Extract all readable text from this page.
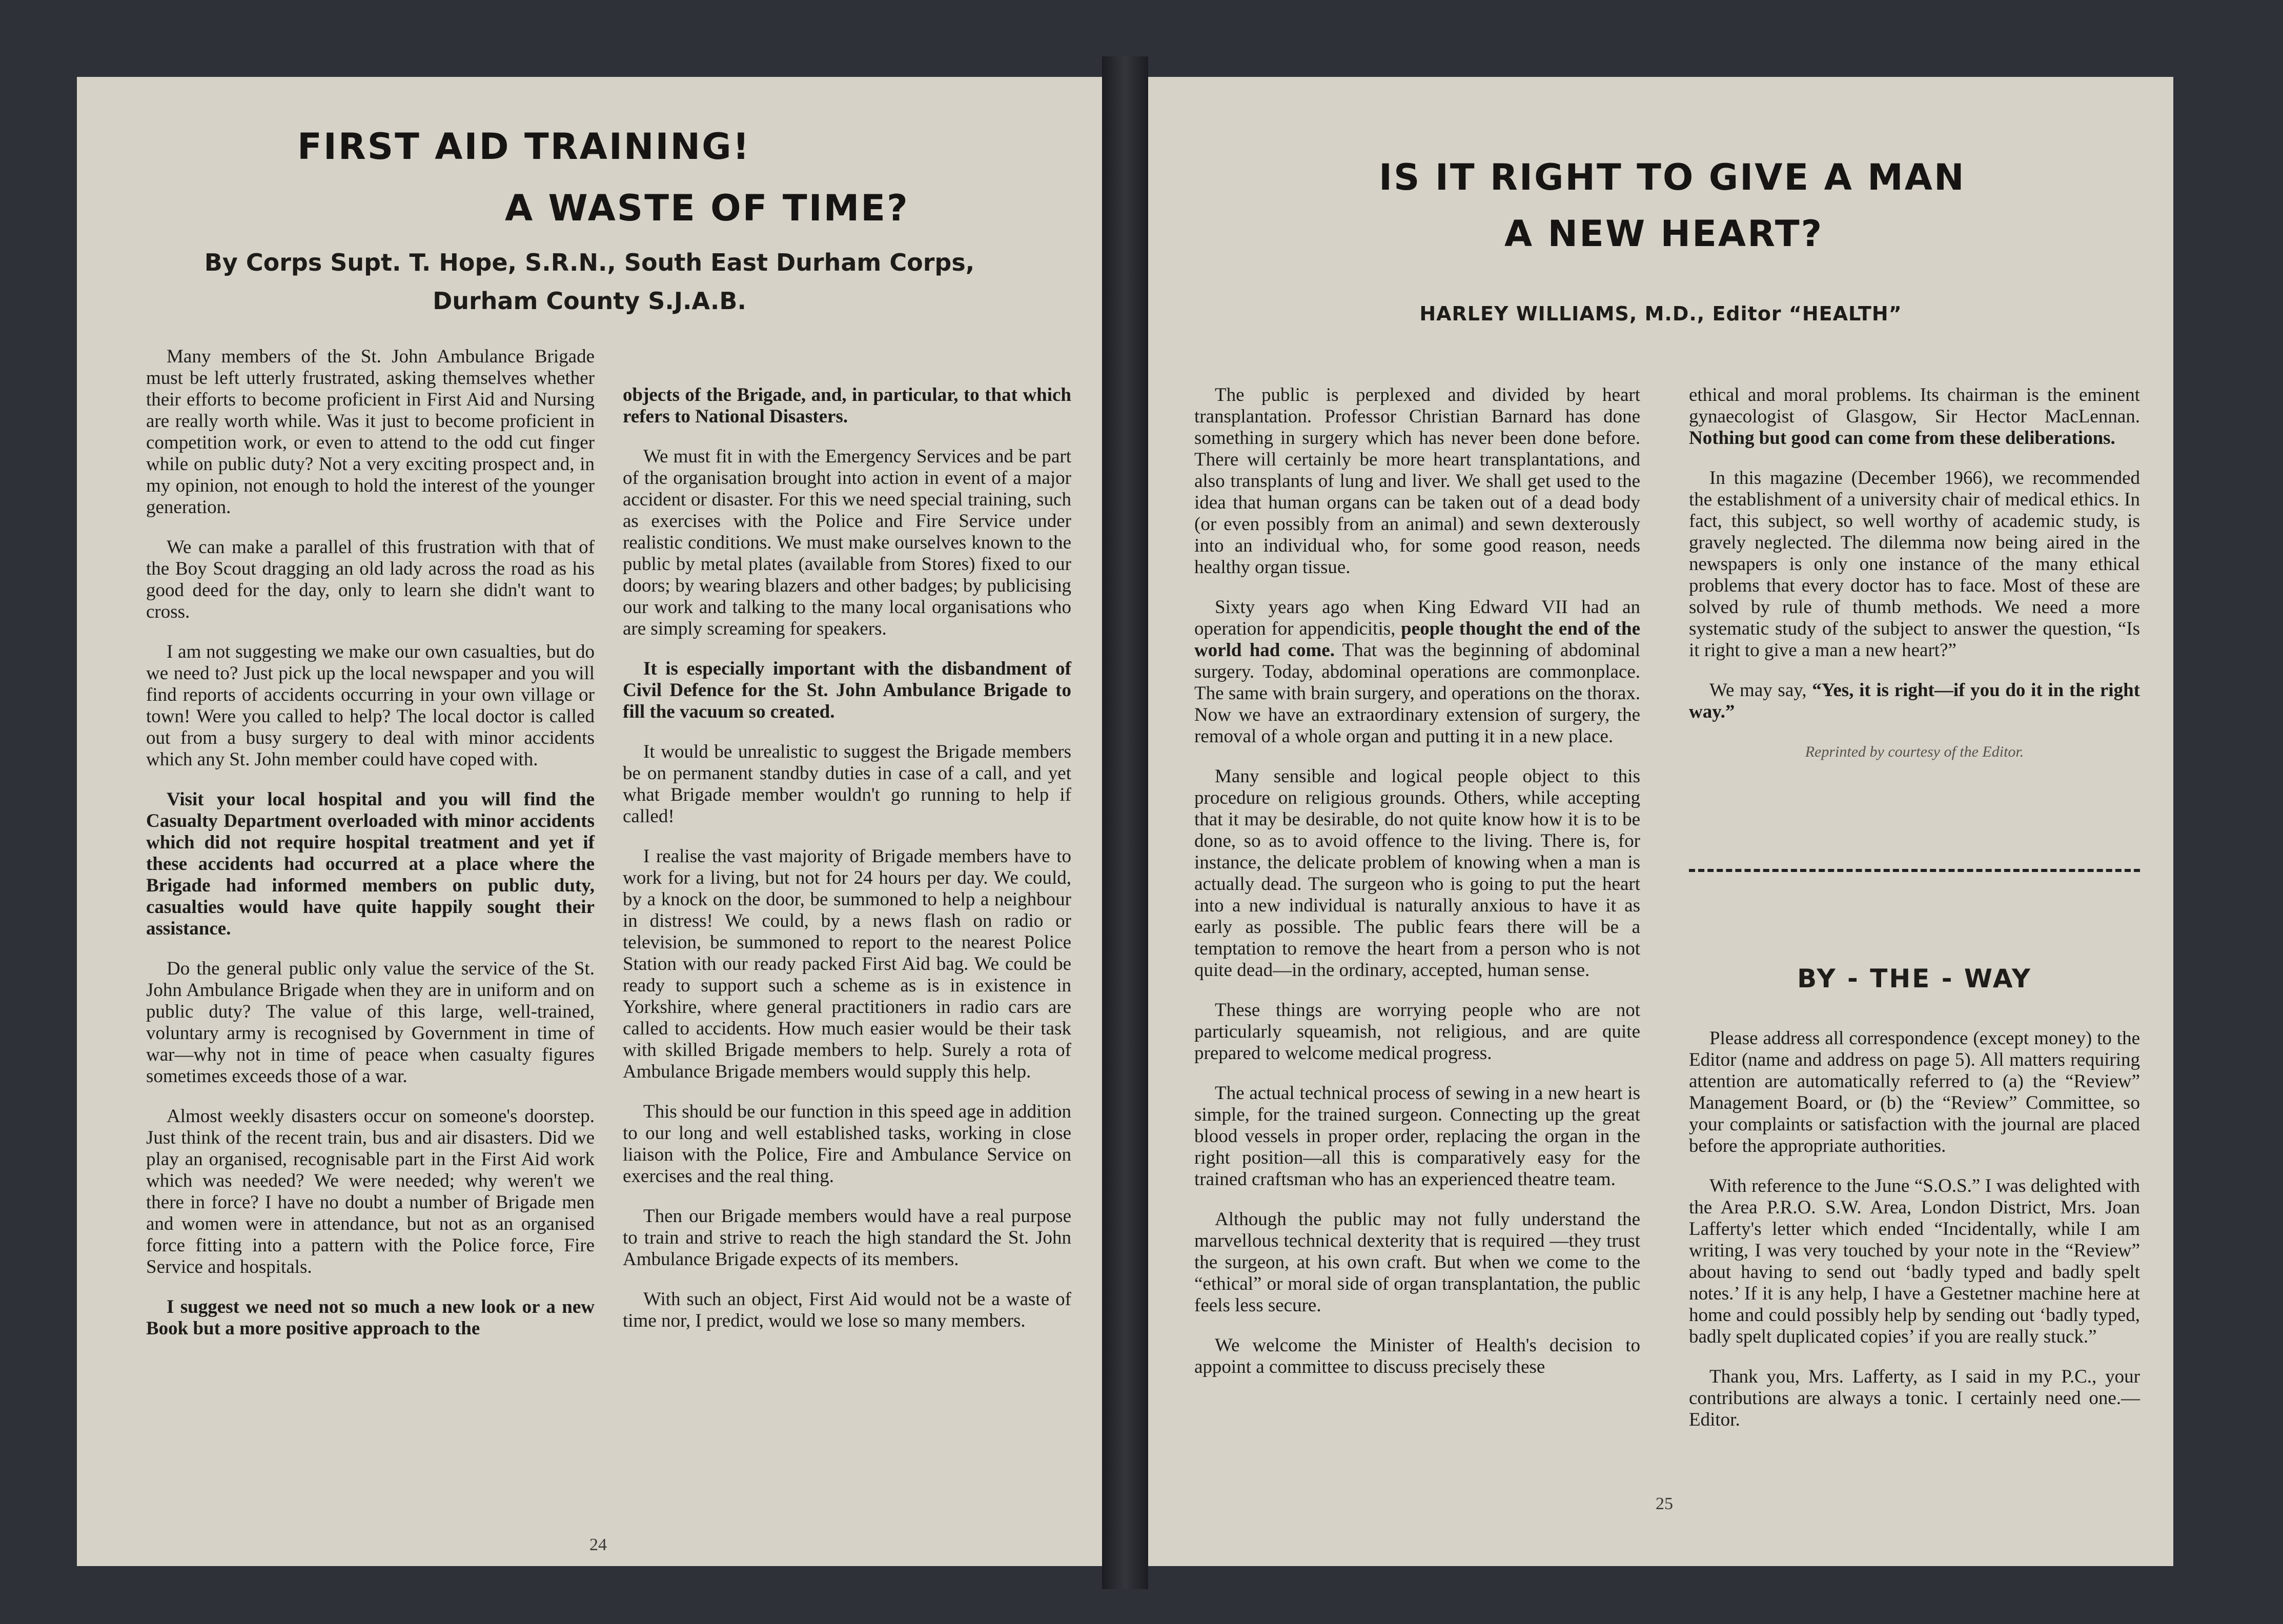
FIRST AID TRAINING!
A WASTE OF TIME?
By Corps Supt. T. Hope, S.R.N., South East Durham Corps,
Durham County S.J.A.B.

Many members of the St. John Ambulance Brigade must be left utterly frustrated, asking themselves whether their efforts to become proficient in First Aid and Nursing are really worth while. Was it just to become proficient in competition work, or even to attend to the odd cut finger while on public duty? Not a very exciting prospect and, in my opinion, not enough to hold the interest of the younger generation.

We can make a parallel of this frustration with that of the Boy Scout dragging an old lady across the road as his good deed for the day, only to learn she didn't want to cross.

I am not suggesting we make our own casualties, but do we need to? Just pick up the local newspaper and you will find reports of accidents occurring in your own village or town! Were you called to help? The local doctor is called out from a busy surgery to deal with minor accidents which any St. John member could have coped with.

Visit your local hospital and you will find the Casualty Department overloaded with minor accidents which did not require hospital treatment and yet if these accidents had occurred at a place where the Brigade had informed members on public duty, casualties would have quite happily sought their assistance.

Do the general public only value the service of the St. John Ambulance Brigade when they are in uniform and on public duty? The value of this large, well-trained, voluntary army is recognised by Government in time of war—why not in time of peace when casualty figures sometimes exceeds those of a war.

Almost weekly disasters occur on someone's doorstep. Just think of the recent train, bus and air disasters. Did we play an organised, recognisable part in the First Aid work which was needed? We were needed; why weren't we there in force? I have no doubt a number of Brigade men and women were in attendance, but not as an organised force fitting into a pattern with the Police force, Fire Service and hospitals.

I suggest we need not so much a new look or a new Book but a more positive approach to the

objects of the Brigade, and, in particular, to that which refers to National Disasters.

We must fit in with the Emergency Services and be part of the organisation brought into action in event of a major accident or disaster. For this we need special training, such as exercises with the Police and Fire Service under realistic conditions. We must make ourselves known to the public by metal plates (available from Stores) fixed to our doors; by wearing blazers and other badges; by publicising our work and talking to the many local organisations who are simply screaming for speakers.

It is especially important with the disbandment of Civil Defence for the St. John Ambulance Brigade to fill the vacuum so created.

It would be unrealistic to suggest the Brigade members be on permanent standby duties in case of a call, and yet what Brigade member wouldn't go running to help if called!

I realise the vast majority of Brigade members have to work for a living, but not for 24 hours per day. We could, by a knock on the door, be summoned to help a neighbour in distress! We could, by a news flash on radio or television, be summoned to report to the nearest Police Station with our ready packed First Aid bag. We could be ready to support such a scheme as is in existence in Yorkshire, where general practitioners in radio cars are called to accidents. How much easier would be their task with skilled Brigade members to help. Surely a rota of Ambulance Brigade members would supply this help.

This should be our function in this speed age in addition to our long and well established tasks, working in close liaison with the Police, Fire and Ambulance Service on exercises and the real thing.

Then our Brigade members would have a real purpose to train and strive to reach the high standard the St. John Ambulance Brigade expects of its members.

With such an object, First Aid would not be a waste of time nor, I predict, would we lose so many members.

24
IS IT RIGHT TO GIVE A MAN
A NEW HEART?
HARLEY WILLIAMS, M.D., Editor “HEALTH”

The public is perplexed and divided by heart transplantation. Professor Christian Barnard has done something in surgery which has never been done before. There will certainly be more heart transplantations, and also transplants of lung and liver. We shall get used to the idea that human organs can be taken out of a dead body (or even possibly from an animal) and sewn dexterously into an individual who, for some good reason, needs healthy organ tissue.

Sixty years ago when King Edward VII had an operation for appendicitis, people thought the end of the world had come. That was the beginning of abdominal surgery. Today, abdominal operations are commonplace. The same with brain surgery, and operations on the thorax. Now we have an extraordinary extension of surgery, the removal of a whole organ and putting it in a new place.

Many sensible and logical people object to this procedure on religious grounds. Others, while accepting that it may be desirable, do not quite know how it is to be done, so as to avoid offence to the living. There is, for instance, the delicate problem of knowing when a man is actually dead. The surgeon who is going to put the heart into a new individual is naturally anxious to have it as early as possible. The public fears there will be a temptation to remove the heart from a person who is not quite dead—in the ordinary, accepted, human sense.

These things are worrying people who are not particularly squeamish, not religious, and are quite prepared to welcome medical progress.

The actual technical process of sewing in a new heart is simple, for the trained surgeon. Connecting up the great blood vessels in proper order, replacing the organ in the right position—all this is comparatively easy for the trained craftsman who has an experienced theatre team.

Although the public may not fully understand the marvellous technical dexterity that is required —they trust the surgeon, at his own craft. But when we come to the “ethical” or moral side of organ transplantation, the public feels less secure.

We welcome the Minister of Health's decision to appoint a committee to discuss precisely these

ethical and moral problems. Its chairman is the eminent gynaecologist of Glasgow, Sir Hector MacLennan. Nothing but good can come from these deliberations.

In this magazine (December 1966), we recommended the establishment of a university chair of medical ethics. In fact, this subject, so well worthy of academic study, is gravely neglected. The dilemma now being aired in the newspapers is only one instance of the many ethical problems that every doctor has to face. Most of these are solved by rule of thumb methods. We need a more systematic study of the subject to answer the question, “Is it right to give a man a new heart?”

We may say, “Yes, it is right—if you do it in the right way.”

Reprinted by courtesy of the Editor.

BY - THE - WAY

Please address all correspondence (except money) to the Editor (name and address on page 5). All matters requiring attention are automatically referred to (a) the “Review” Management Board, or (b) the “Review” Committee, so your complaints or satisfaction with the journal are placed before the appropriate authorities.

With reference to the June “S.O.S.” I was delighted with the Area P.R.O. S.W. Area, London District, Mrs. Joan Lafferty's letter which ended “Incidentally, while I am writing, I was very touched by your note in the “Review” about having to send out ‘badly typed and badly spelt notes.’ If it is any help, I have a Gestetner machine here at home and could possibly help by sending out ‘badly typed, badly spelt duplicated copies’ if you are really stuck.”

Thank you, Mrs. Lafferty, as I said in my P.C., your contributions are always a tonic. I certainly need one.—Editor.

25
